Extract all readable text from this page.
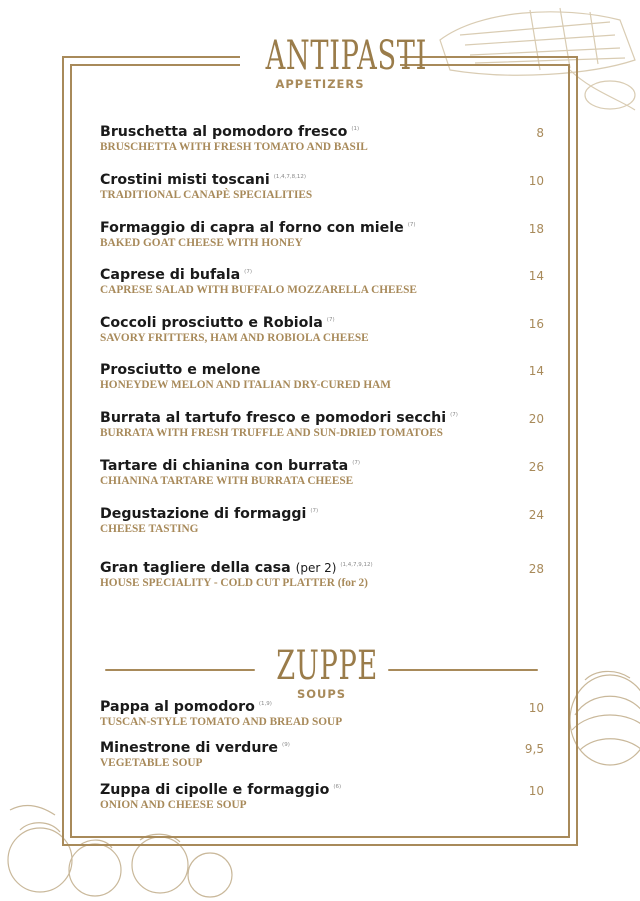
ANTIPASTI
APPETIZERS
Bruschetta al pomodoro fresco $^{(1)}$
BRUSCHETTA WITH FRESH TOMATO AND BASIL
8
Crostini misti toscani $^{(1,4,7,8,12)}$
TRADITIONAL CANAPÈ SPECIALITIES
10
Formaggio di capra al forno con miele $^{(7)}$
BAKED GOAT CHEESE WITH HONEY
18
Caprese di bufala $^{(7)}$
CAPRESE SALAD WITH BUFFALO MOZZARELLA CHEESE
14
Coccoli prosciutto e Robiola $^{(7)}$
SAVORY FRITTERS, HAM AND ROBIOLA CHEESE
16
Prosciutto e melone
HONEYDEW MELON AND ITALIAN DRY-CURED HAM
14
Burrata al tartufo fresco e pomodori secchi $^{(7)}$
BURRATA WITH FRESH TRUFFLE AND SUN-DRIED TOMATOES
20
Tartare di chianina con burrata $^{(7)}$
CHIANINA TARTARE WITH BURRATA CHEESE
26
Degustazione di formaggi $^{(7)}$
CHEESE TASTING
24
Gran tagliere della casa (per 2) $^{(1,4,7,9,12)}$
HOUSE SPECIALITY - COLD CUT PLATTER (for 2)
28
ZUPPE
SOUPS
Pappa al pomodoro $^{(1,9)}$
TUSCAN-STYLE TOMATO AND BREAD SOUP
10
Minestrone di verdure $^{(9)}$
VEGETABLE SOUP
9,5
Zuppa di cipolle e formaggio $^{(6)}$
ONION AND CHEESE SOUP
10
